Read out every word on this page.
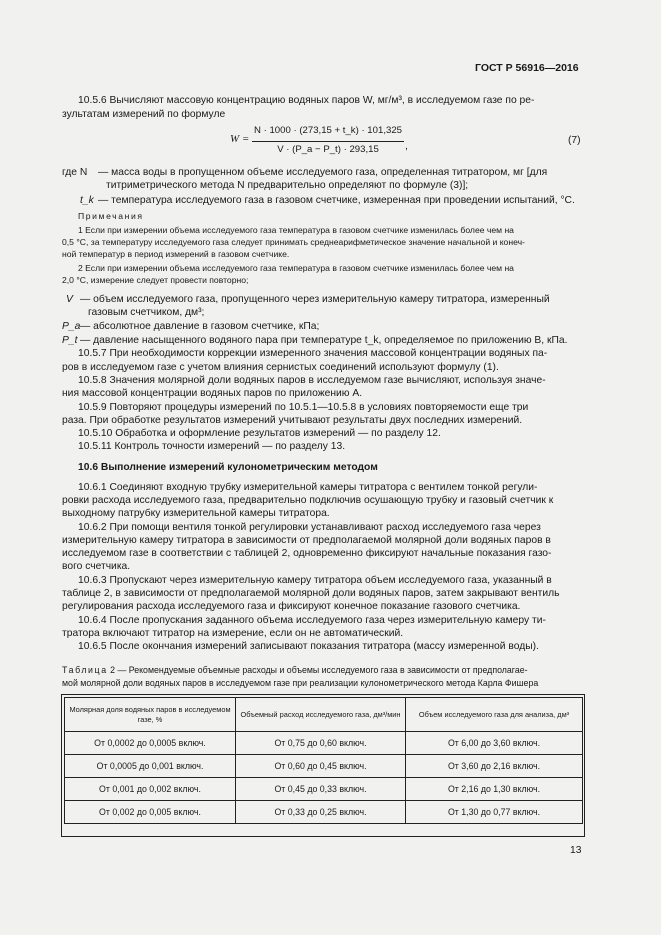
ГОСТ Р 56916—2016
10.5.6 Вычисляют массовую концентрацию водяных паров W, мг/м³, в исследуемом газе по ре-
зультатам измерений по формуле
W =
N · 1000 · (273,15 + t_k) · 101,325
V · (P_a − P_t) · 293,15	,
(7)
где N — масса воды в пропущенном объеме исследуемого газа, определенная титратором, мг [для
титриметрического метода N предварительно определяют по формуле (3)];
t_k — температура исследуемого газа в газовом счетчике, измеренная при проведении испытаний, °С.
Примечания
1 Если при измерении объема исследуемого газа температура в газовом счетчике изменилась более чем на
0,5 °С, за температуру исследуемого газа следует принимать среднеарифметическое значение начальной и конеч-
ной температур в период измерений в газовом счетчике.
2 Если при измерении объема исследуемого газа температура в газовом счетчике изменилась более чем на
2,0 °С, измерение следует провести повторно;
V — объем исследуемого газа, пропущенного через измерительную камеру титратора, измеренный
газовым счетчиком, дм³;
P_a — абсолютное давление в газовом счетчике, кПа;
P_t — давление насыщенного водяного пара при температуре t_k, определяемое по приложению В, кПа.
10.5.7 При необходимости коррекции измеренного значения массовой концентрации водяных па-
ров в исследуемом газе с учетом влияния сернистых соединений используют формулу (1).
10.5.8 Значения молярной доли водяных паров в исследуемом газе вычисляют, используя значе-
ния массовой концентрации водяных паров по приложению А.
10.5.9 Повторяют процедуры измерений по 10.5.1—10.5.8 в условиях повторяемости еще три
раза. При обработке результатов измерений учитывают результаты двух последних измерений.
10.5.10 Обработка и оформление результатов измерений — по разделу 12.
10.5.11 Контроль точности измерений — по разделу 13.
10.6 Выполнение измерений кулонометрическим методом
10.6.1 Соединяют входную трубку измерительной камеры титратора с вентилем тонкой регули-
ровки расхода исследуемого газа, предварительно подключив осушающую трубку и газовый счетчик к
выходному патрубку измерительной камеры титратора.
10.6.2 При помощи вентиля тонкой регулировки устанавливают расход исследуемого газа через
измерительную камеру титратора в зависимости от предполагаемой молярной доли водяных паров в
исследуемом газе в соответствии с таблицей 2, одновременно фиксируют начальные показания газо-
вого счетчика.
10.6.3 Пропускают через измерительную камеру титратора объем исследуемого газа, указанный в
таблице 2, в зависимости от предполагаемой молярной доли водяных паров, затем закрывают вентиль
регулирования расхода исследуемого газа и фиксируют конечное показание газового счетчика.
10.6.4 После пропускания заданного объема исследуемого газа через измерительную камеру ти-
тратора включают титратор на измерение, если он не автоматический.
10.6.5 После окончания измерений записывают показания титратора (массу измеренной воды).
Таблица 2 — Рекомендуемые объемные расходы и объемы исследуемого газа в зависимости от предполагае-
мой молярной доли водяных паров в исследуемом газе при реализации кулонометрического метода Карла Фишера
Молярная доля водяных паров в исследуемом газе, %	Объемный расход исследуемого газа, дм³/мин	Объем исследуемого газа для анализа, дм³
От 0,0002 до 0,0005 включ.	От 0,75 до 0,60 включ.	От 6,00 до 3,60 включ.
От 0,0005 до 0,001 включ.	От 0,60 до 0,45 включ.	От 3,60 до 2,16 включ.
От 0,001 до 0,002 включ.	От 0,45 до 0,33 включ.	От 2,16 до 1,30 включ.
От 0,002 до 0,005 включ.	От 0,33 до 0,25 включ.	От 1,30 до 0,77 включ.
13
